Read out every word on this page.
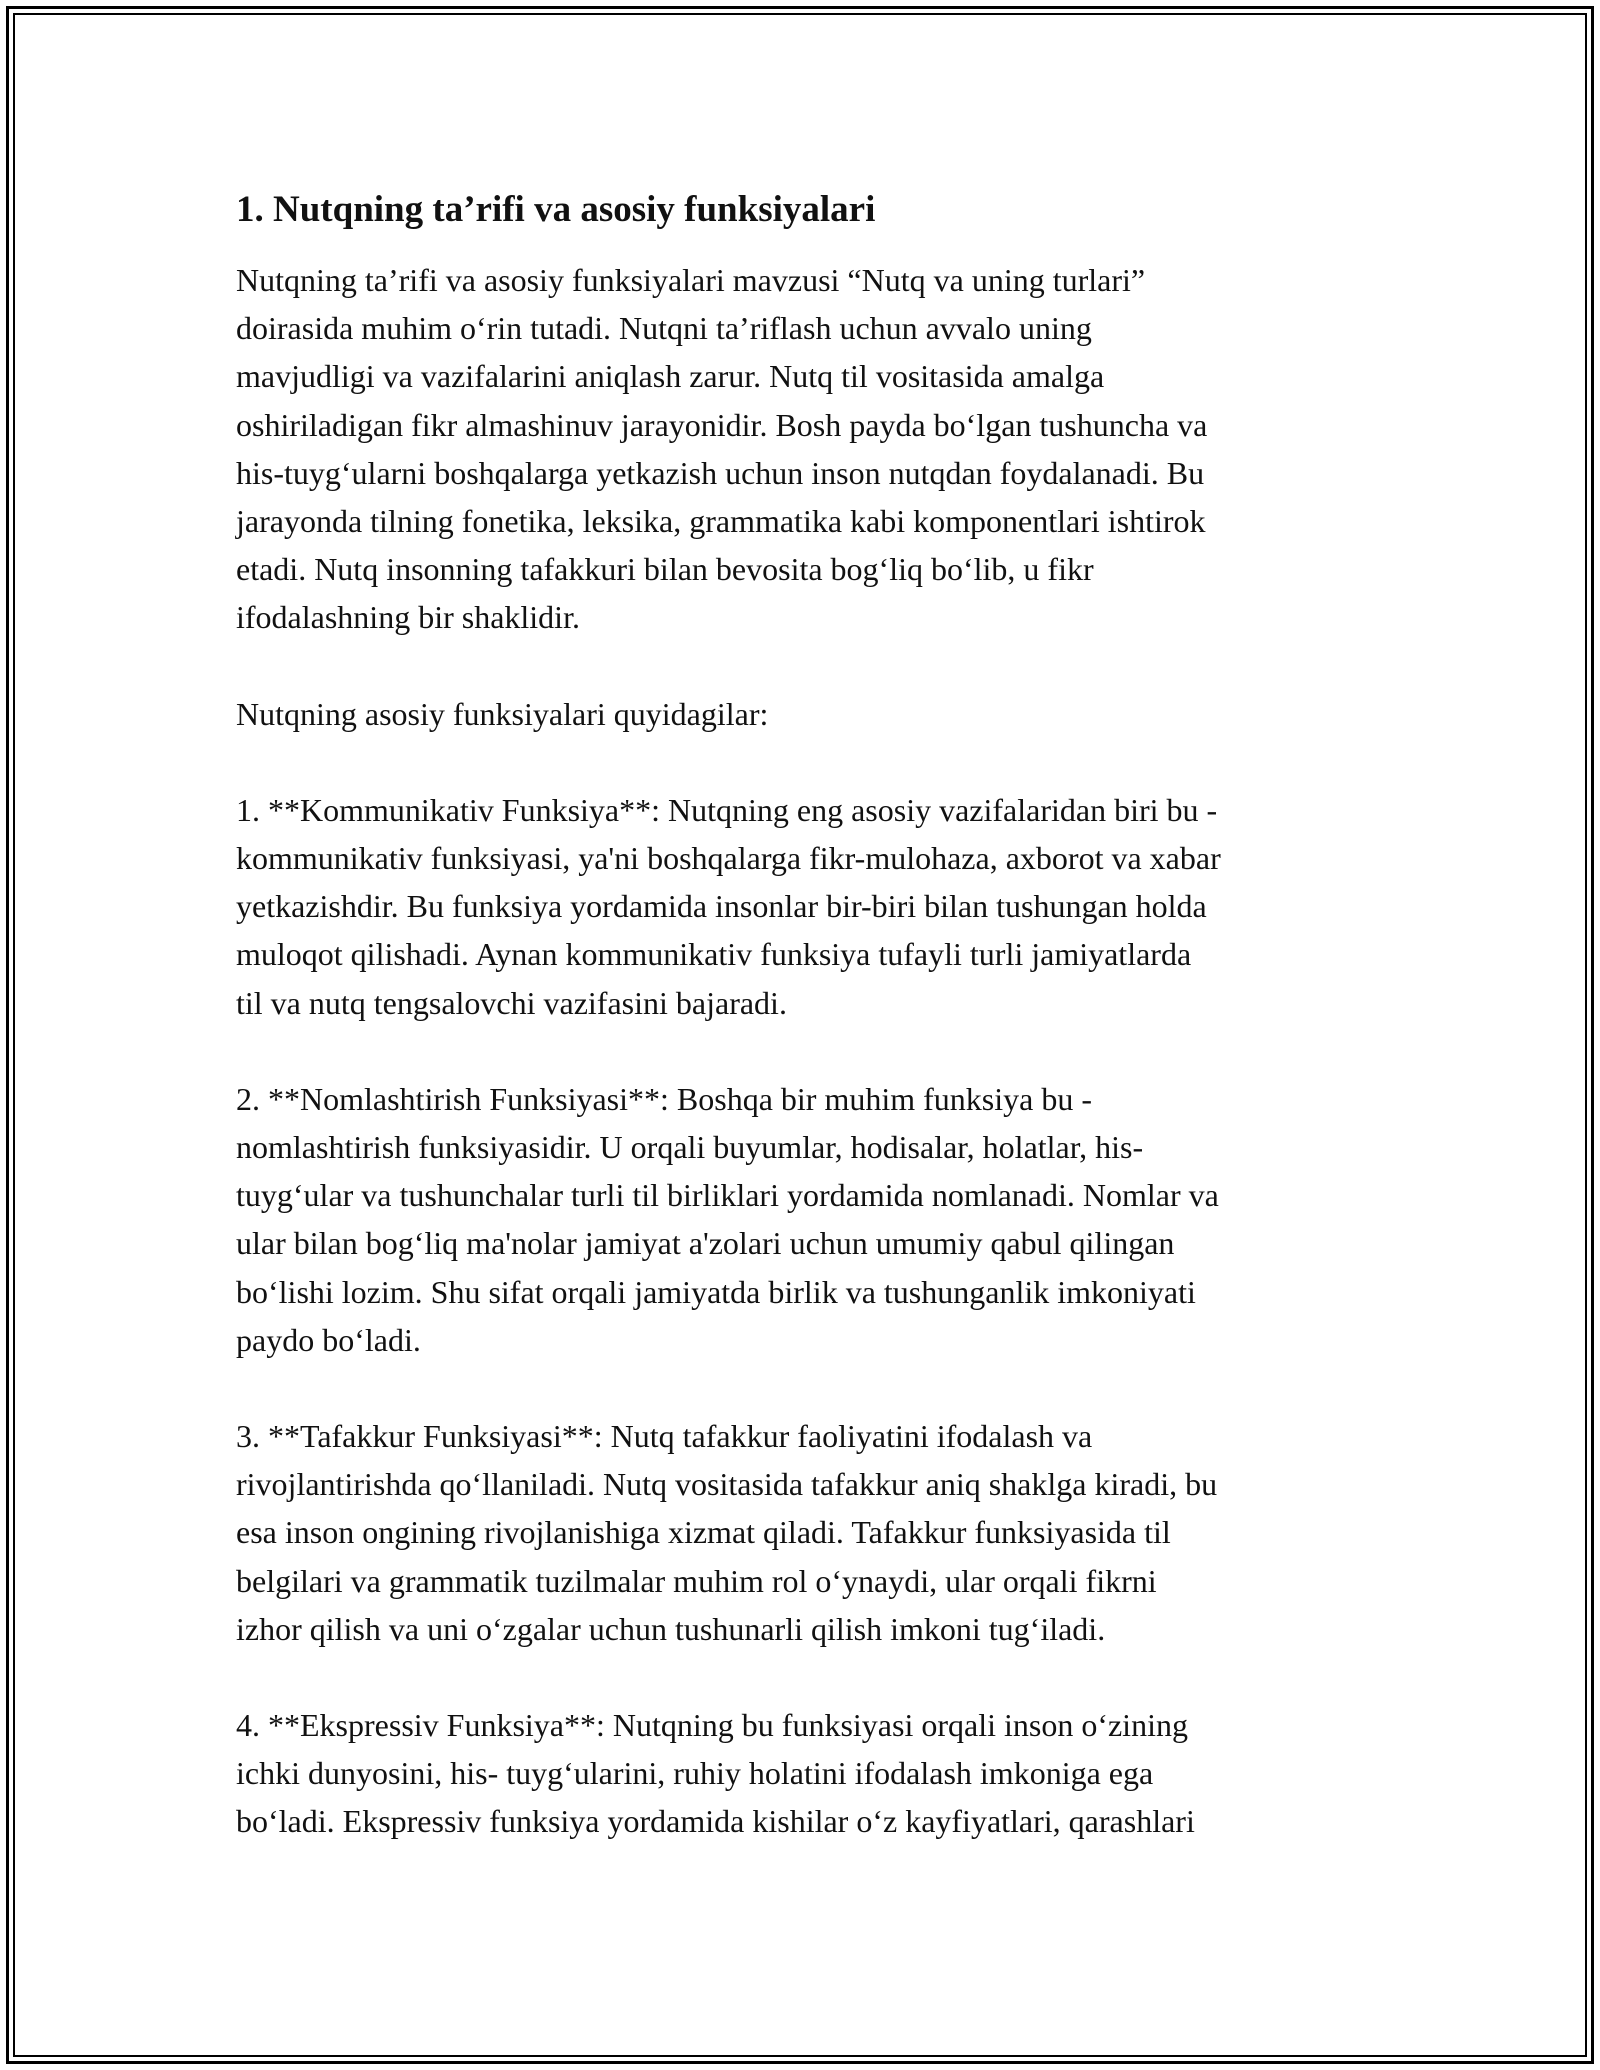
1. Nutqning ta’rifi va asosiy funksiyalari

Nutqning ta’rifi va asosiy funksiyalari mavzusi “Nutq va uning turlari”
doirasida muhim o‘rin tutadi. Nutqni ta’riflash uchun avvalo uning
mavjudligi va vazifalarini aniqlash zarur. Nutq til vositasida amalga
oshiriladigan fikr almashinuv jarayonidir. Bosh payda bo‘lgan tushuncha va
his-tuyg‘ularni boshqalarga yetkazish uchun inson nutqdan foydalanadi. Bu
jarayonda tilning fonetika, leksika, grammatika kabi komponentlari ishtirok
etadi. Nutq insonning tafakkuri bilan bevosita bog‘liq bo‘lib, u fikr
ifodalashning bir shaklidir.

Nutqning asosiy funksiyalari quyidagilar:

1. **Kommunikativ Funksiya**: Nutqning eng asosiy vazifalaridan biri bu -
kommunikativ funksiyasi, ya'ni boshqalarga fikr-mulohaza, axborot va xabar
yetkazishdir. Bu funksiya yordamida insonlar bir-biri bilan tushungan holda
muloqot qilishadi. Aynan kommunikativ funksiya tufayli turli jamiyatlarda
til va nutq tengsalovchi vazifasini bajaradi.

2. **Nomlashtirish Funksiyasi**: Boshqa bir muhim funksiya bu -
nomlashtirish funksiyasidir. U orqali buyumlar, hodisalar, holatlar, his-
tuyg‘ular va tushunchalar turli til birliklari yordamida nomlanadi. Nomlar va
ular bilan bog‘liq ma'nolar jamiyat a'zolari uchun umumiy qabul qilingan
bo‘lishi lozim. Shu sifat orqali jamiyatda birlik va tushunganlik imkoniyati
paydo bo‘ladi.

3. **Tafakkur Funksiyasi**: Nutq tafakkur faoliyatini ifodalash va
rivojlantirishda qo‘llaniladi. Nutq vositasida tafakkur aniq shaklga kiradi, bu
esa inson ongining rivojlanishiga xizmat qiladi. Tafakkur funksiyasida til
belgilari va grammatik tuzilmalar muhim rol o‘ynaydi, ular orqali fikrni
izhor qilish va uni o‘zgalar uchun tushunarli qilish imkoni tug‘iladi.

4. **Ekspressiv Funksiya**: Nutqning bu funksiyasi orqali inson o‘zining
ichki dunyosini, his- tuyg‘ularini, ruhiy holatini ifodalash imkoniga ega
bo‘ladi. Ekspressiv funksiya yordamida kishilar o‘z kayfiyatlari, qarashlari
